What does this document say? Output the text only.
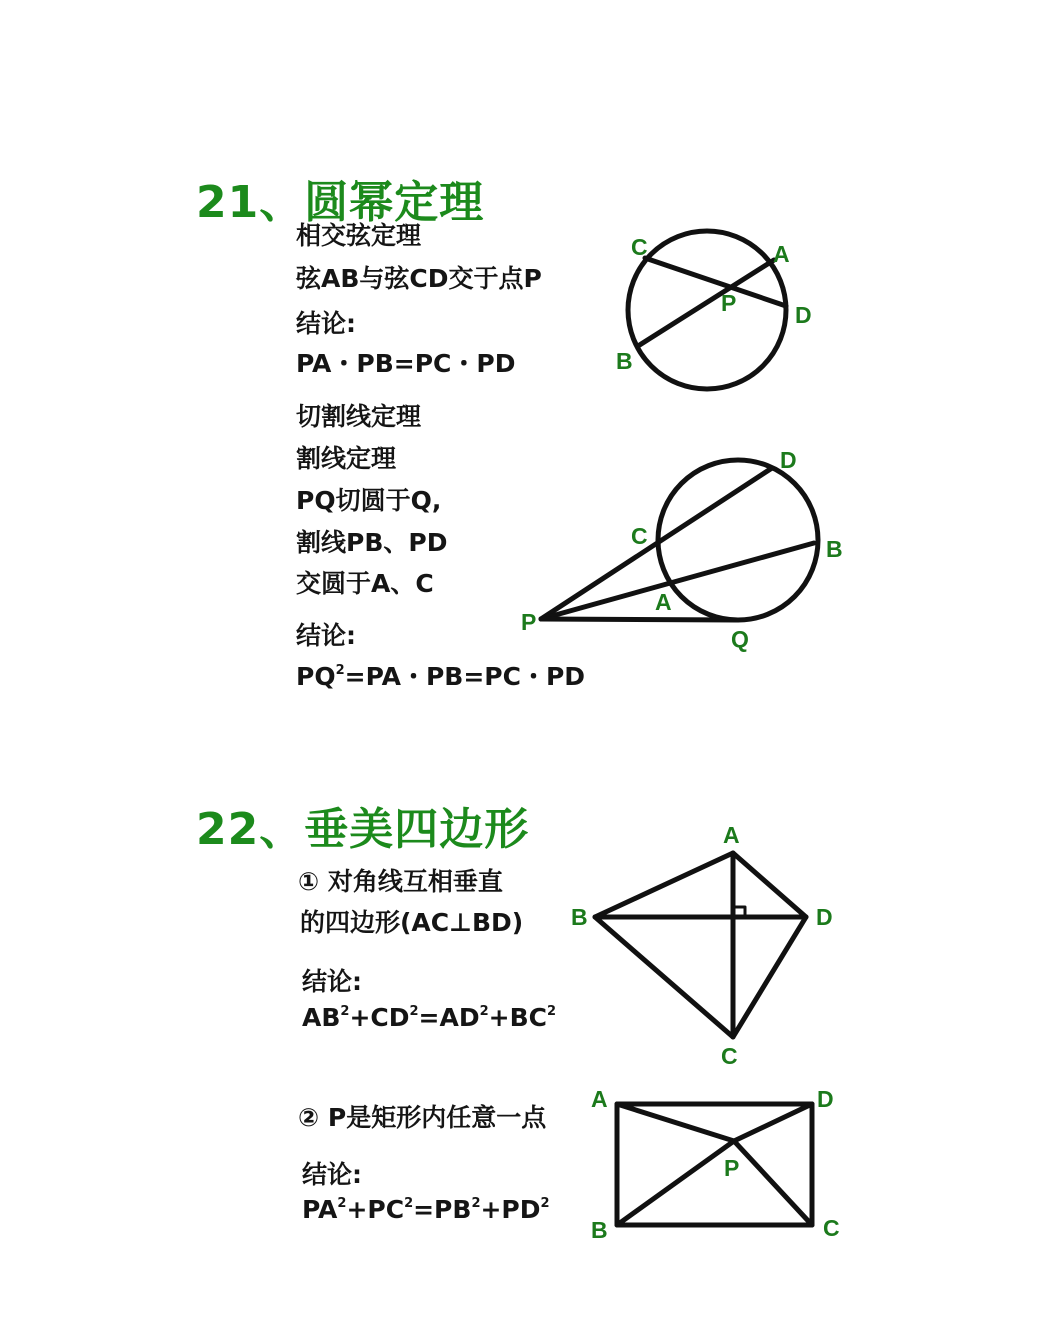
21、圆幂定理
相交弦定理
弦AB与弦CD交于点P
结论:
PA・PB=PC・PD
切割线定理
割线定理
PQ切圆于Q,
割线PB、PD
交圆于A、C
结论:
$PQ^2=PA$・PB=PC・PD
22、垂美四边形
① 对角线互相垂直
的四边形(AC⊥BD)
结论:
$AB^2+CD^2=AD^2+BC^2$
② P是矩形内任意一点
结论:
$PA^2+PC^2=PB^2+PD^2$
C	A
P	D
B
D
C	B
A
P
Q
A
B	D
C
A	D
P
B	C
